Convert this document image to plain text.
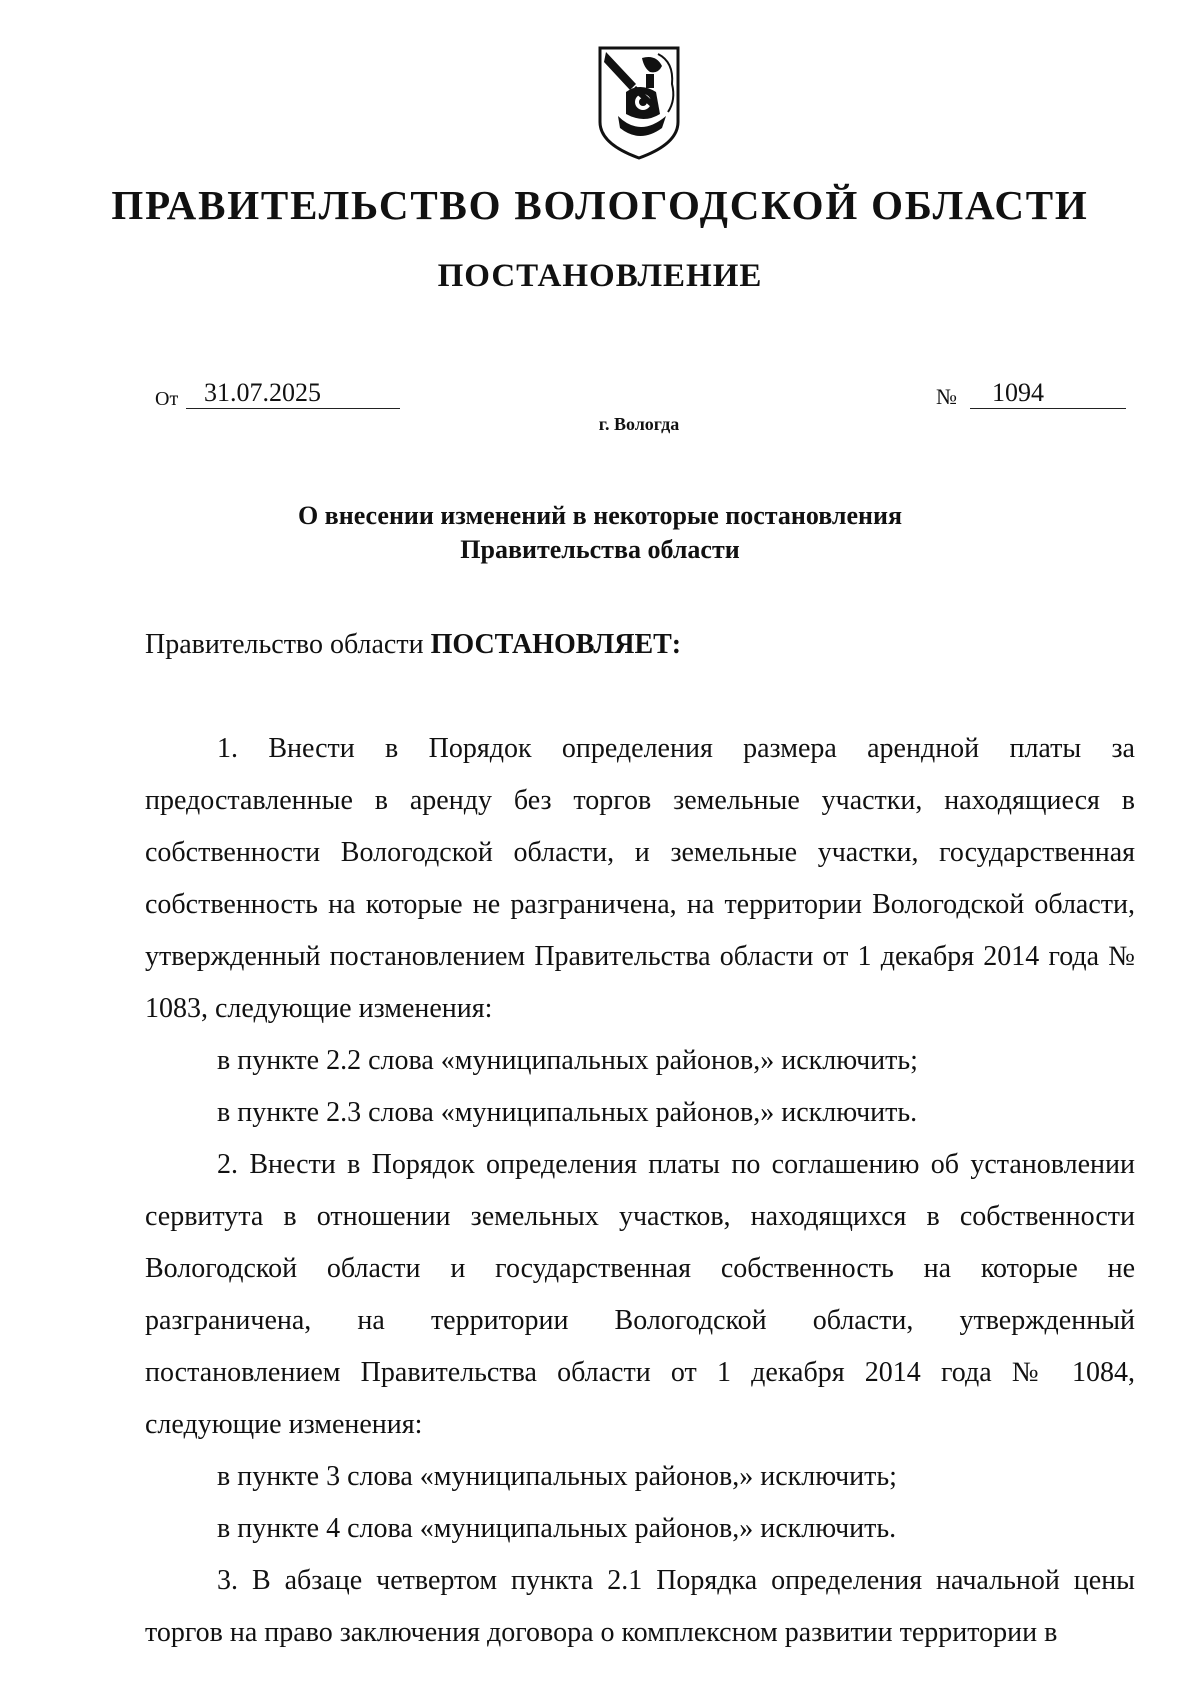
ПРАВИТЕЛЬСТВО ВОЛОГОДСКОЙ ОБЛАСТИ
ПОСТАНОВЛЕНИЕ
От 31.07.2025	№	1094
г. Вологда
О внесении изменений в некоторые постановления
Правительства области
Правительство области ПОСТАНОВЛЯЕТ:

1. Внести в Порядок определения размера арендной платы за предоставленные в аренду без торгов земельные участки, находящиеся в собственности Вологодской области, и земельные участки, государственная собственность на которые не разграничена, на территории Вологодской области, утвержденный постановлением Правительства области от 1 декабря 2014 года № 1083, следующие изменения:

в пункте 2.2 слова «муниципальных районов,» исключить;

в пункте 2.3 слова «муниципальных районов,» исключить.

2. Внести в Порядок определения платы по соглашению об установлении сервитута в отношении земельных участков, находящихся в собственности Вологодской области и государственная собственность на которые не разграничена, на территории Вологодской области, утвержденный постановлением Правительства области от 1 декабря 2014 года № 1084, следующие изменения:

в пункте 3 слова «муниципальных районов,» исключить;

в пункте 4 слова «муниципальных районов,» исключить.

3. В абзаце четвертом пункта 2.1 Порядка определения начальной цены торгов на право заключения договора о комплексном развитии территории в
